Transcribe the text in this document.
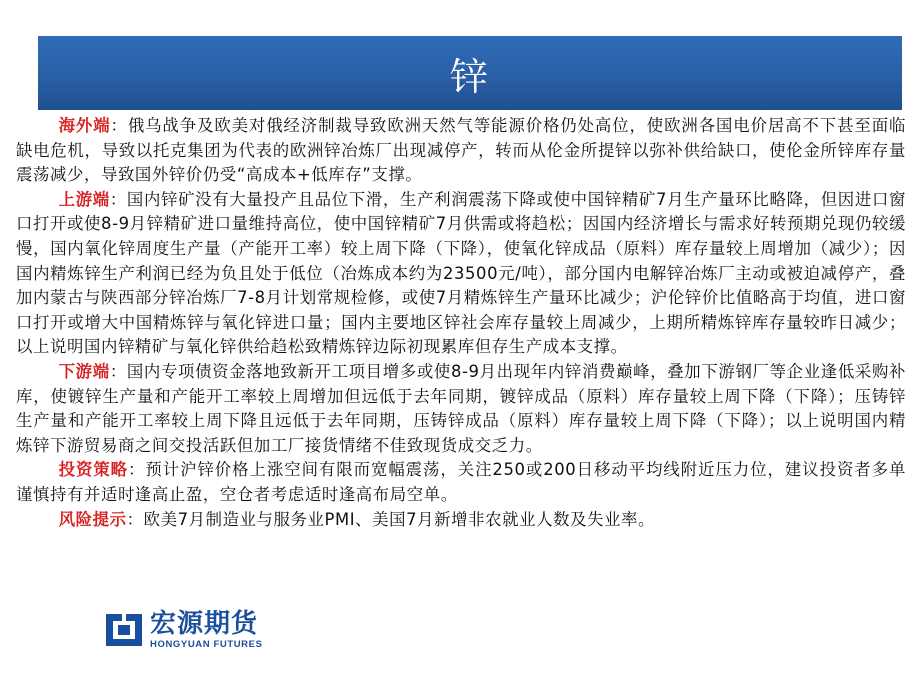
锌

海外端：俄乌战争及欧美对俄经济制裁导致欧洲天然气等能源价格仍处高位，使欧洲各国电价居高不下甚至面临缺电危机，导致以托克集团为代表的欧洲锌冶炼厂出现减停产，转而从伦金所提锌以弥补供给缺口，使伦金所锌库存量震荡减少，导致国外锌价仍受“高成本+低库存”支撑。

上游端：国内锌矿没有大量投产且品位下滑，生产利润震荡下降或使中国锌精矿7月生产量环比略降，但因进口窗口打开或使8-9月锌精矿进口量维持高位，使中国锌精矿7月供需或将趋松；因国内经济增长与需求好转预期兑现仍较缓慢，国内氧化锌周度生产量（产能开工率）较上周下降（下降），使氧化锌成品（原料）库存量较上周增加（减少）；因国内精炼锌生产利润已经为负且处于低位（冶炼成本约为23500元/吨），部分国内电解锌冶炼厂主动或被迫减停产，叠加内蒙古与陕西部分锌冶炼厂7-8月计划常规检修，或使7月精炼锌生产量环比减少；沪伦锌价比值略高于均值，进口窗口打开或增大中国精炼锌与氧化锌进口量；国内主要地区锌社会库存量较上周减少，上期所精炼锌库存量较昨日减少；以上说明国内锌精矿与氧化锌供给趋松致精炼锌边际初现累库但存生产成本支撑。

下游端：国内专项债资金落地致新开工项目增多或使8-9月出现年内锌消费巅峰，叠加下游钢厂等企业逢低采购补库，使镀锌生产量和产能开工率较上周增加但远低于去年同期，镀锌成品（原料）库存量较上周下降（下降）；压铸锌生产量和产能开工率较上周下降且远低于去年同期，压铸锌成品（原料）库存量较上周下降（下降）；以上说明国内精炼锌下游贸易商之间交投活跃但加工厂接货情绪不佳致现货成交乏力。

投资策略：预计沪锌价格上涨空间有限而宽幅震荡，关注250或200日移动平均线附近压力位，建议投资者多单谨慎持有并适时逢高止盈，空仓者考虑适时逢高布局空单。

风险提示：欧美7月制造业与服务业PMI、美国7月新增非农就业人数及失业率。

宏源期货
HONGYUAN FUTURES
